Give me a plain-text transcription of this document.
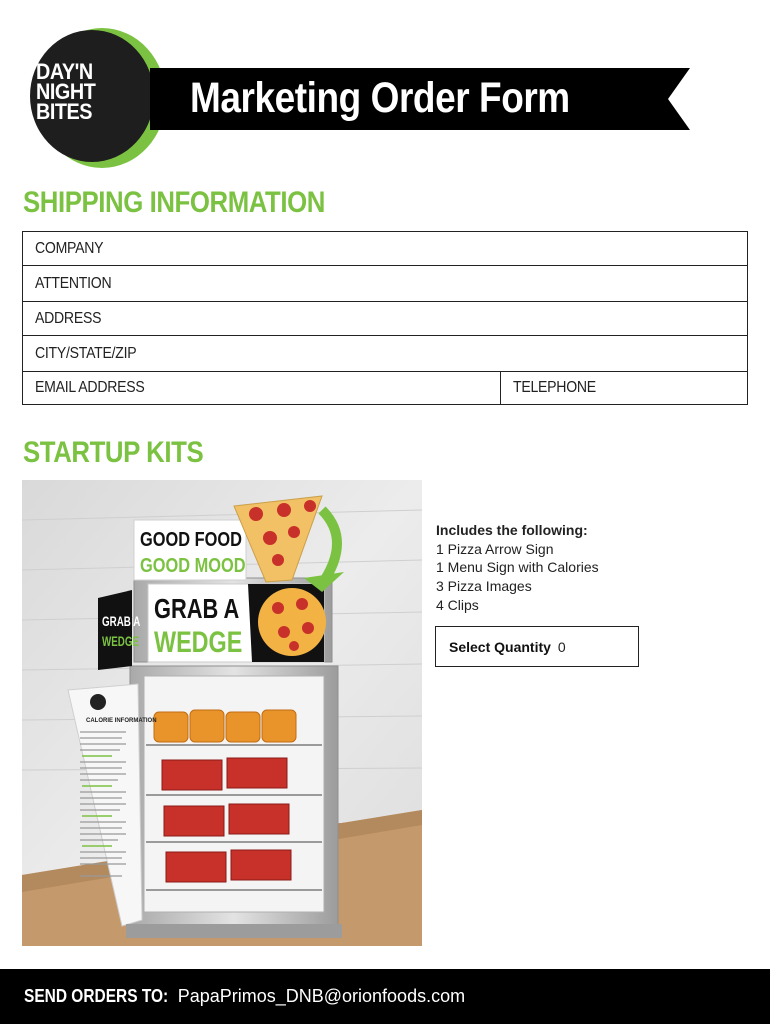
DAY'N
NIGHT
BITES	Marketing Order Form
SHIPPING INFORMATION
COMPANY
ATTENTION
ADDRESS
CITY/STATE/ZIP
EMAIL ADDRESS	TELEPHONE
STARTUP KITS
GRAB A
WEDGE
GRAB A
WEDGE
GOOD FOOD
GOOD MOOD
CALORIE INFORMATION
Includes the following:
1 Pizza Arrow Sign
1 Menu Sign with Calories
3 Pizza Images
4 Clips
Select Quantity 0
SEND ORDERS TO: PapaPrimos_DNB@orionfoods.com
